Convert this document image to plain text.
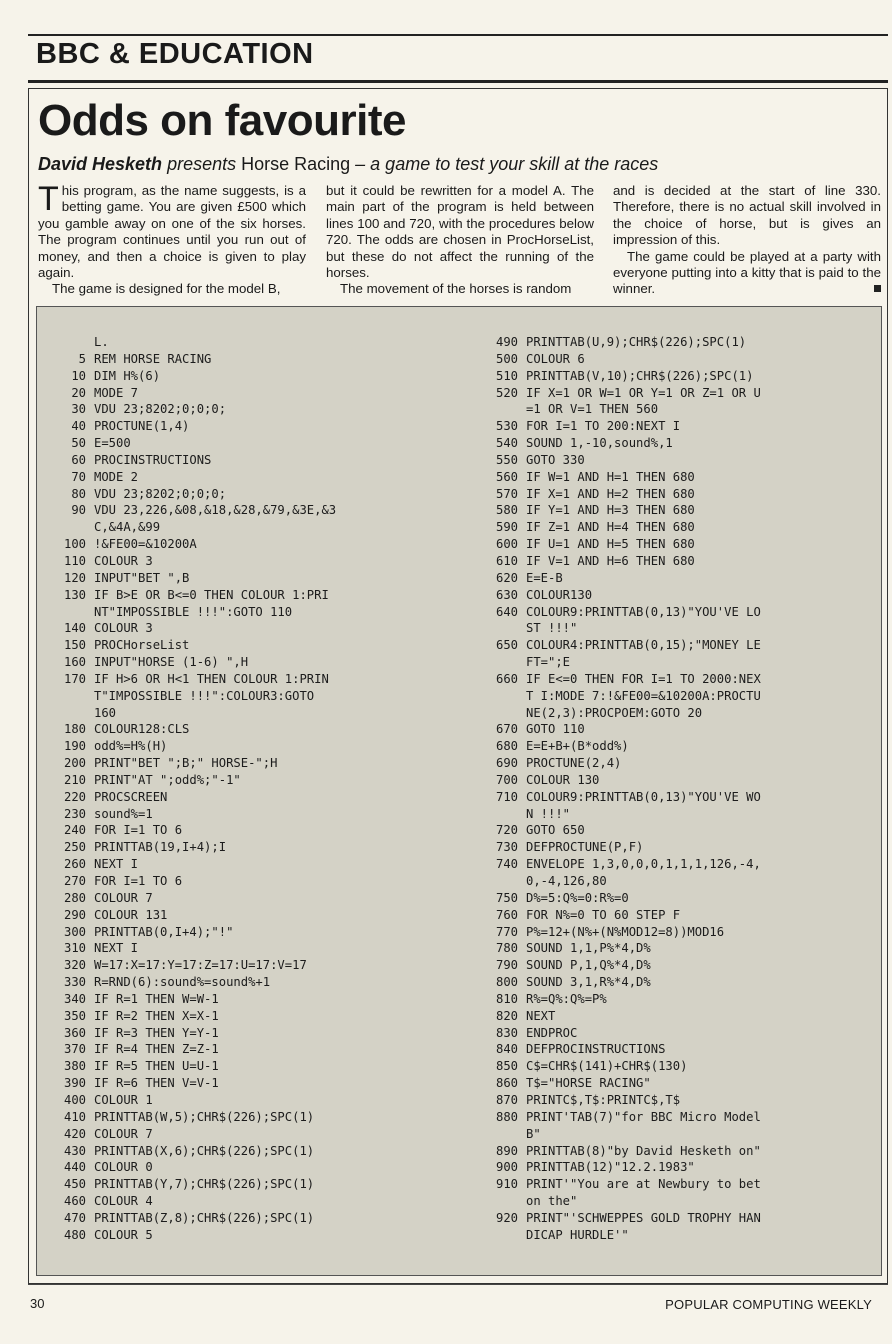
BBC & EDUCATION
Odds on favourite
David Hesketh presents Horse Racing – a game to test your skill at the races

This program, as the name suggests, is a betting game. You are given £500 which you gamble away on one of the six horses. The program continues until you run out of money, and then a choice is given to play again.

The game is designed for the model B,

but it could be rewritten for a model A. The main part of the program is held between lines 100 and 720, with the procedures below 720. The odds are chosen in ProcHorseList, but these do not affect the running of the horses.

The movement of the horses is random

and is decided at the start of line 330. Therefore, there is no actual skill involved in the choice of horse, but is gives an impression of this.

The game could be played at a party with everyone putting into a kitty that is paid to the winner.

L.
5 REM HORSE RACING
10 DIM H%(6)
20 MODE 7
30 VDU 23;8202;0;0;0;
40 PROCTUNE(1,4)
50 E=500
60 PROCINSTRUCTIONS
70 MODE 2
80 VDU 23;8202;0;0;0;
90 VDU 23,226,&08,&18,&28,&79,&3E,&3
C,&4A,&99
100 !&FE00=&10200A
110 COLOUR 3
120 INPUT"BET ",B
130 IF B>E OR B<=0 THEN COLOUR 1:PRI
NT"IMPOSSIBLE !!!":GOTO 110
140 COLOUR 3
150 PROCHorseList
160 INPUT"HORSE (1-6) ",H
170 IF H>6 OR H<1 THEN COLOUR 1:PRIN
T"IMPOSSIBLE !!!":COLOUR3:GOTO
160
180 COLOUR128:CLS
190 odd%=H%(H)
200 PRINT"BET ";B;" HORSE-";H
210 PRINT"AT ";odd%;"-1"
220 PROCSCREEN
230 sound%=1
240 FOR I=1 TO 6
250 PRINTTAB(19,I+4);I
260 NEXT I
270 FOR I=1 TO 6
280 COLOUR 7
290 COLOUR 131
300 PRINTTAB(0,I+4);"!"
310 NEXT I
320 W=17:X=17:Y=17:Z=17:U=17:V=17
330 R=RND(6):sound%=sound%+1
340 IF R=1 THEN W=W-1
350 IF R=2 THEN X=X-1
360 IF R=3 THEN Y=Y-1
370 IF R=4 THEN Z=Z-1
380 IF R=5 THEN U=U-1
390 IF R=6 THEN V=V-1
400 COLOUR 1
410 PRINTTAB(W,5);CHR$(226);SPC(1)
420 COLOUR 7
430 PRINTTAB(X,6);CHR$(226);SPC(1)
440 COLOUR 0
450 PRINTTAB(Y,7);CHR$(226);SPC(1)
460 COLOUR 4
470 PRINTTAB(Z,8);CHR$(226);SPC(1)
480 COLOUR 5
490 PRINTTAB(U,9);CHR$(226);SPC(1)
500 COLOUR 6
510 PRINTTAB(V,10);CHR$(226);SPC(1)
520 IF X=1 OR W=1 OR Y=1 OR Z=1 OR U
=1 OR V=1 THEN 560
530 FOR I=1 TO 200:NEXT I
540 SOUND 1,-10,sound%,1
550 GOTO 330
560 IF W=1 AND H=1 THEN 680
570 IF X=1 AND H=2 THEN 680
580 IF Y=1 AND H=3 THEN 680
590 IF Z=1 AND H=4 THEN 680
600 IF U=1 AND H=5 THEN 680
610 IF V=1 AND H=6 THEN 680
620 E=E-B
630 COLOUR130
640 COLOUR9:PRINTTAB(0,13)"YOU'VE LO
ST !!!"
650 COLOUR4:PRINTTAB(0,15);"MONEY LE
FT=";E
660 IF E<=0 THEN FOR I=1 TO 2000:NEX
T I:MODE 7:!&FE00=&10200A:PROCTU
NE(2,3):PROCPOEM:GOTO 20
670 GOTO 110
680 E=E+B+(B*odd%)
690 PROCTUNE(2,4)
700 COLOUR 130
710 COLOUR9:PRINTTAB(0,13)"YOU'VE WO
N !!!"
720 GOTO 650
730 DEFPROCTUNE(P,F)
740 ENVELOPE 1,3,0,0,0,1,1,1,126,-4,
0,-4,126,80
750 D%=5:Q%=0:R%=0
760 FOR N%=0 TO 60 STEP F
770 P%=12+(N%+(N%MOD12=8))MOD16
780 SOUND 1,1,P%*4,D%
790 SOUND P,1,Q%*4,D%
800 SOUND 3,1,R%*4,D%
810 R%=Q%:Q%=P%
820 NEXT
830 ENDPROC
840 DEFPROCINSTRUCTIONS
850 C$=CHR$(141)+CHR$(130)
860 T$="HORSE RACING"
870 PRINTC$,T$:PRINTC$,T$
880 PRINT'TAB(7)"for BBC Micro Model
B"
890 PRINTTAB(8)"by David Hesketh on"
900 PRINTTAB(12)"12.2.1983"
910 PRINT'"You are at Newbury to bet
on the"
920 PRINT"'SCHWEPPES GOLD TROPHY HAN
DICAP HURDLE'"
30	POPULAR COMPUTING WEEKLY
